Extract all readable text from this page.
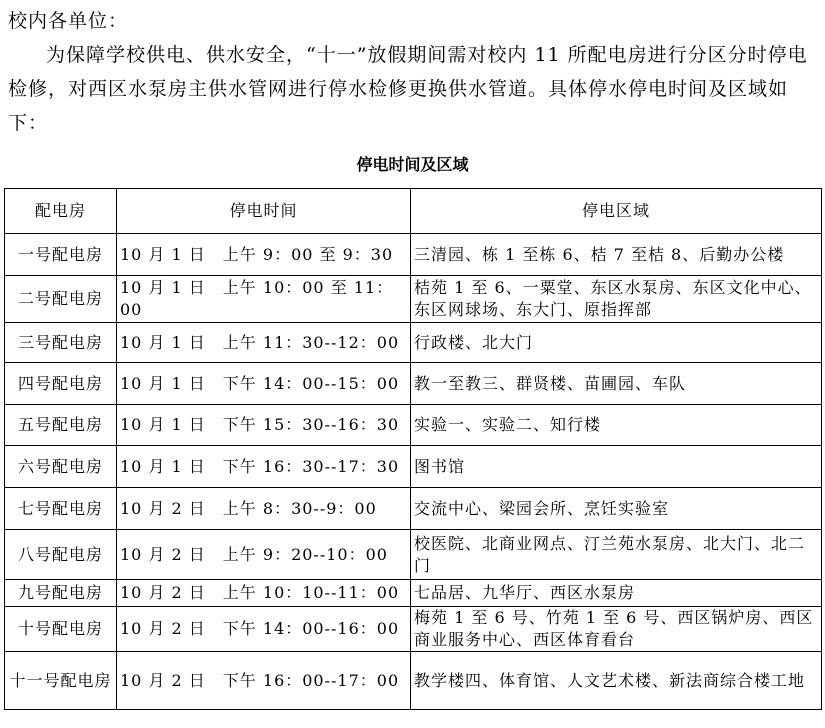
校内各单位：

为保障学校供电、供水安全，“十一”放假期间需对校内 11 所配电房进行分区分时停电检修，对西区水泵房主供水管网进行停水检修更换供水管道。具体停水停电时间及区域如下：

停电时间及区域
配电房	停电时间	停电区域
一号配电房	10 月 1 日　上午 9：00 至 9：30	三清园、栋 1 至栋 6、桔 7 至桔 8、后勤办公楼
二号配电房	10 月 1 日　上午 10：00 至 11：00	桔苑 1 至 6、一粟堂、东区水泵房、东区文化中心、东区网球场、东大门、原指挥部
三号配电房	10 月 1 日　上午 11：30--12：00	行政楼、北大门
四号配电房	10 月 1 日　下午 14：00--15：00	教一至教三、群贤楼、苗圃园、车队
五号配电房	10 月 1 日　下午 15：30--16：30	实验一、实验二、知行楼
六号配电房	10 月 1 日　下午 16：30--17：30	图书馆
七号配电房	10 月 2 日　上午 8：30--9：00	交流中心、梁园会所、烹饪实验室
八号配电房	10 月 2 日　上午 9：20--10：00	校医院、北商业网点、汀兰苑水泵房、北大门、北二门
九号配电房	10 月 2 日　上午 10：10--11：00	七品居、九华厅、西区水泵房
十号配电房	10 月 2 日　下午 14：00--16：00	梅苑 1 至 6 号、竹苑 1 至 6 号、西区锅炉房、西区商业服务中心、西区体育看台
十一号配电房	10 月 2 日　下午 16：00--17：00	教学楼四、体育馆、人文艺术楼、新法商综合楼工地
